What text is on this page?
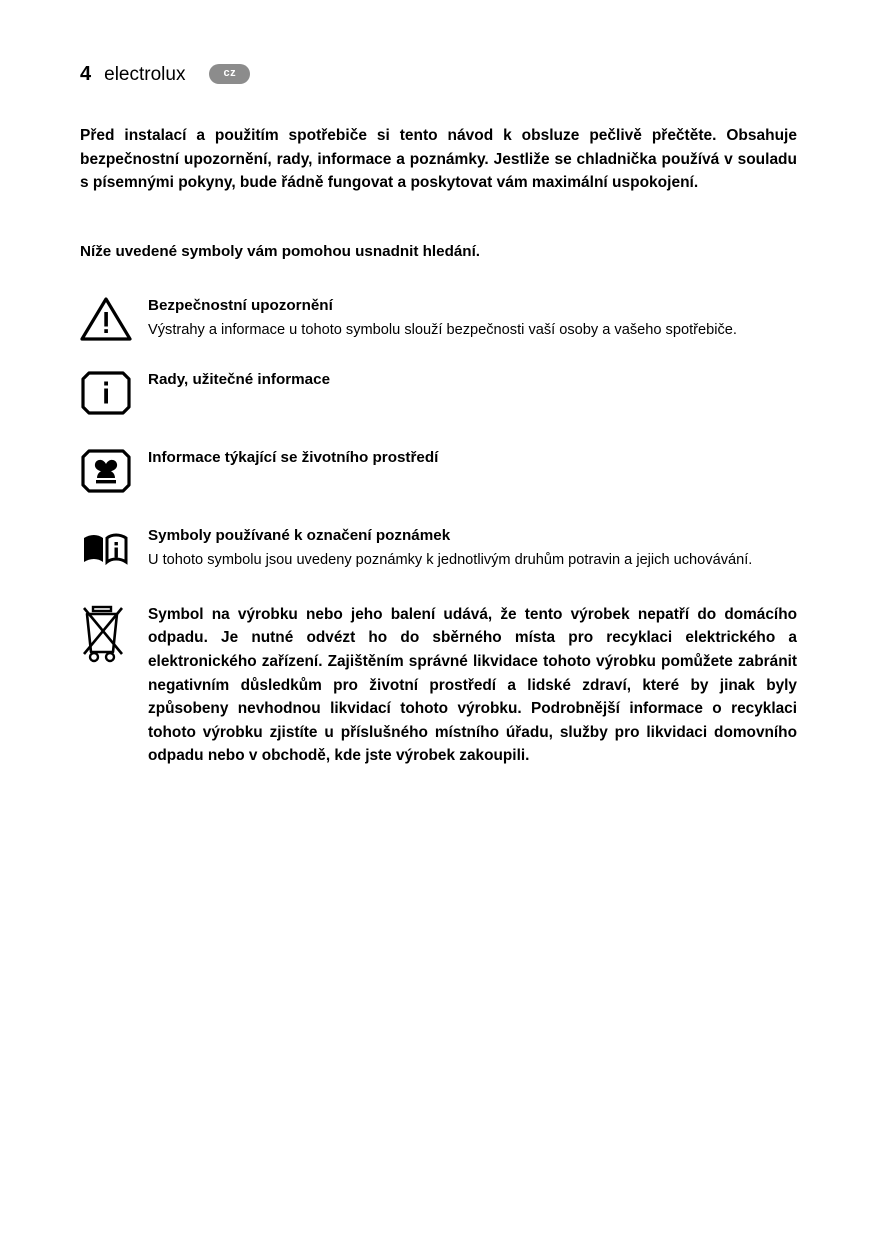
4 electrolux	cz

Před instalací a použitím spotřebiče si tento návod k obsluze pečlivě přečtěte. Obsahuje bezpečnostní upozornění, rady, informace a poznámky. Jestliže se chladnička používá v souladu s písemnými pokyny, bude řádně fungovat a poskytovat vám maximální uspokojení.

Níže uvedené symboly vám pomohou usnadnit hledání.

Bezpečnostní upozornění
Výstrahy a informace u tohoto symbolu slouží bezpečnosti vaší osoby a vašeho spotřebiče.
Rady, užitečné informace
Informace týkající se životního prostředí
Symboly používané k označení poznámek
U tohoto symbolu jsou uvedeny poznámky k jednotlivým druhům potravin a jejich uchovávání.
Symbol na výrobku nebo jeho balení udává, že tento výrobek nepatří do domácího odpadu. Je nutné odvézt ho do sběrného místa pro recyklaci elektrického a elektronického zařízení. Zajištěním správné likvidace tohoto výrobku pomůžete zabránit negativním důsledkům pro životní prostředí a lidské zdraví, které by jinak byly způsobeny nevhodnou likvidací tohoto výrobku. Podrobnější informace o recyklaci tohoto výrobku zjistíte u příslušného místního úřadu, služby pro likvidaci domovního odpadu nebo v obchodě, kde jste výrobek zakoupili.
